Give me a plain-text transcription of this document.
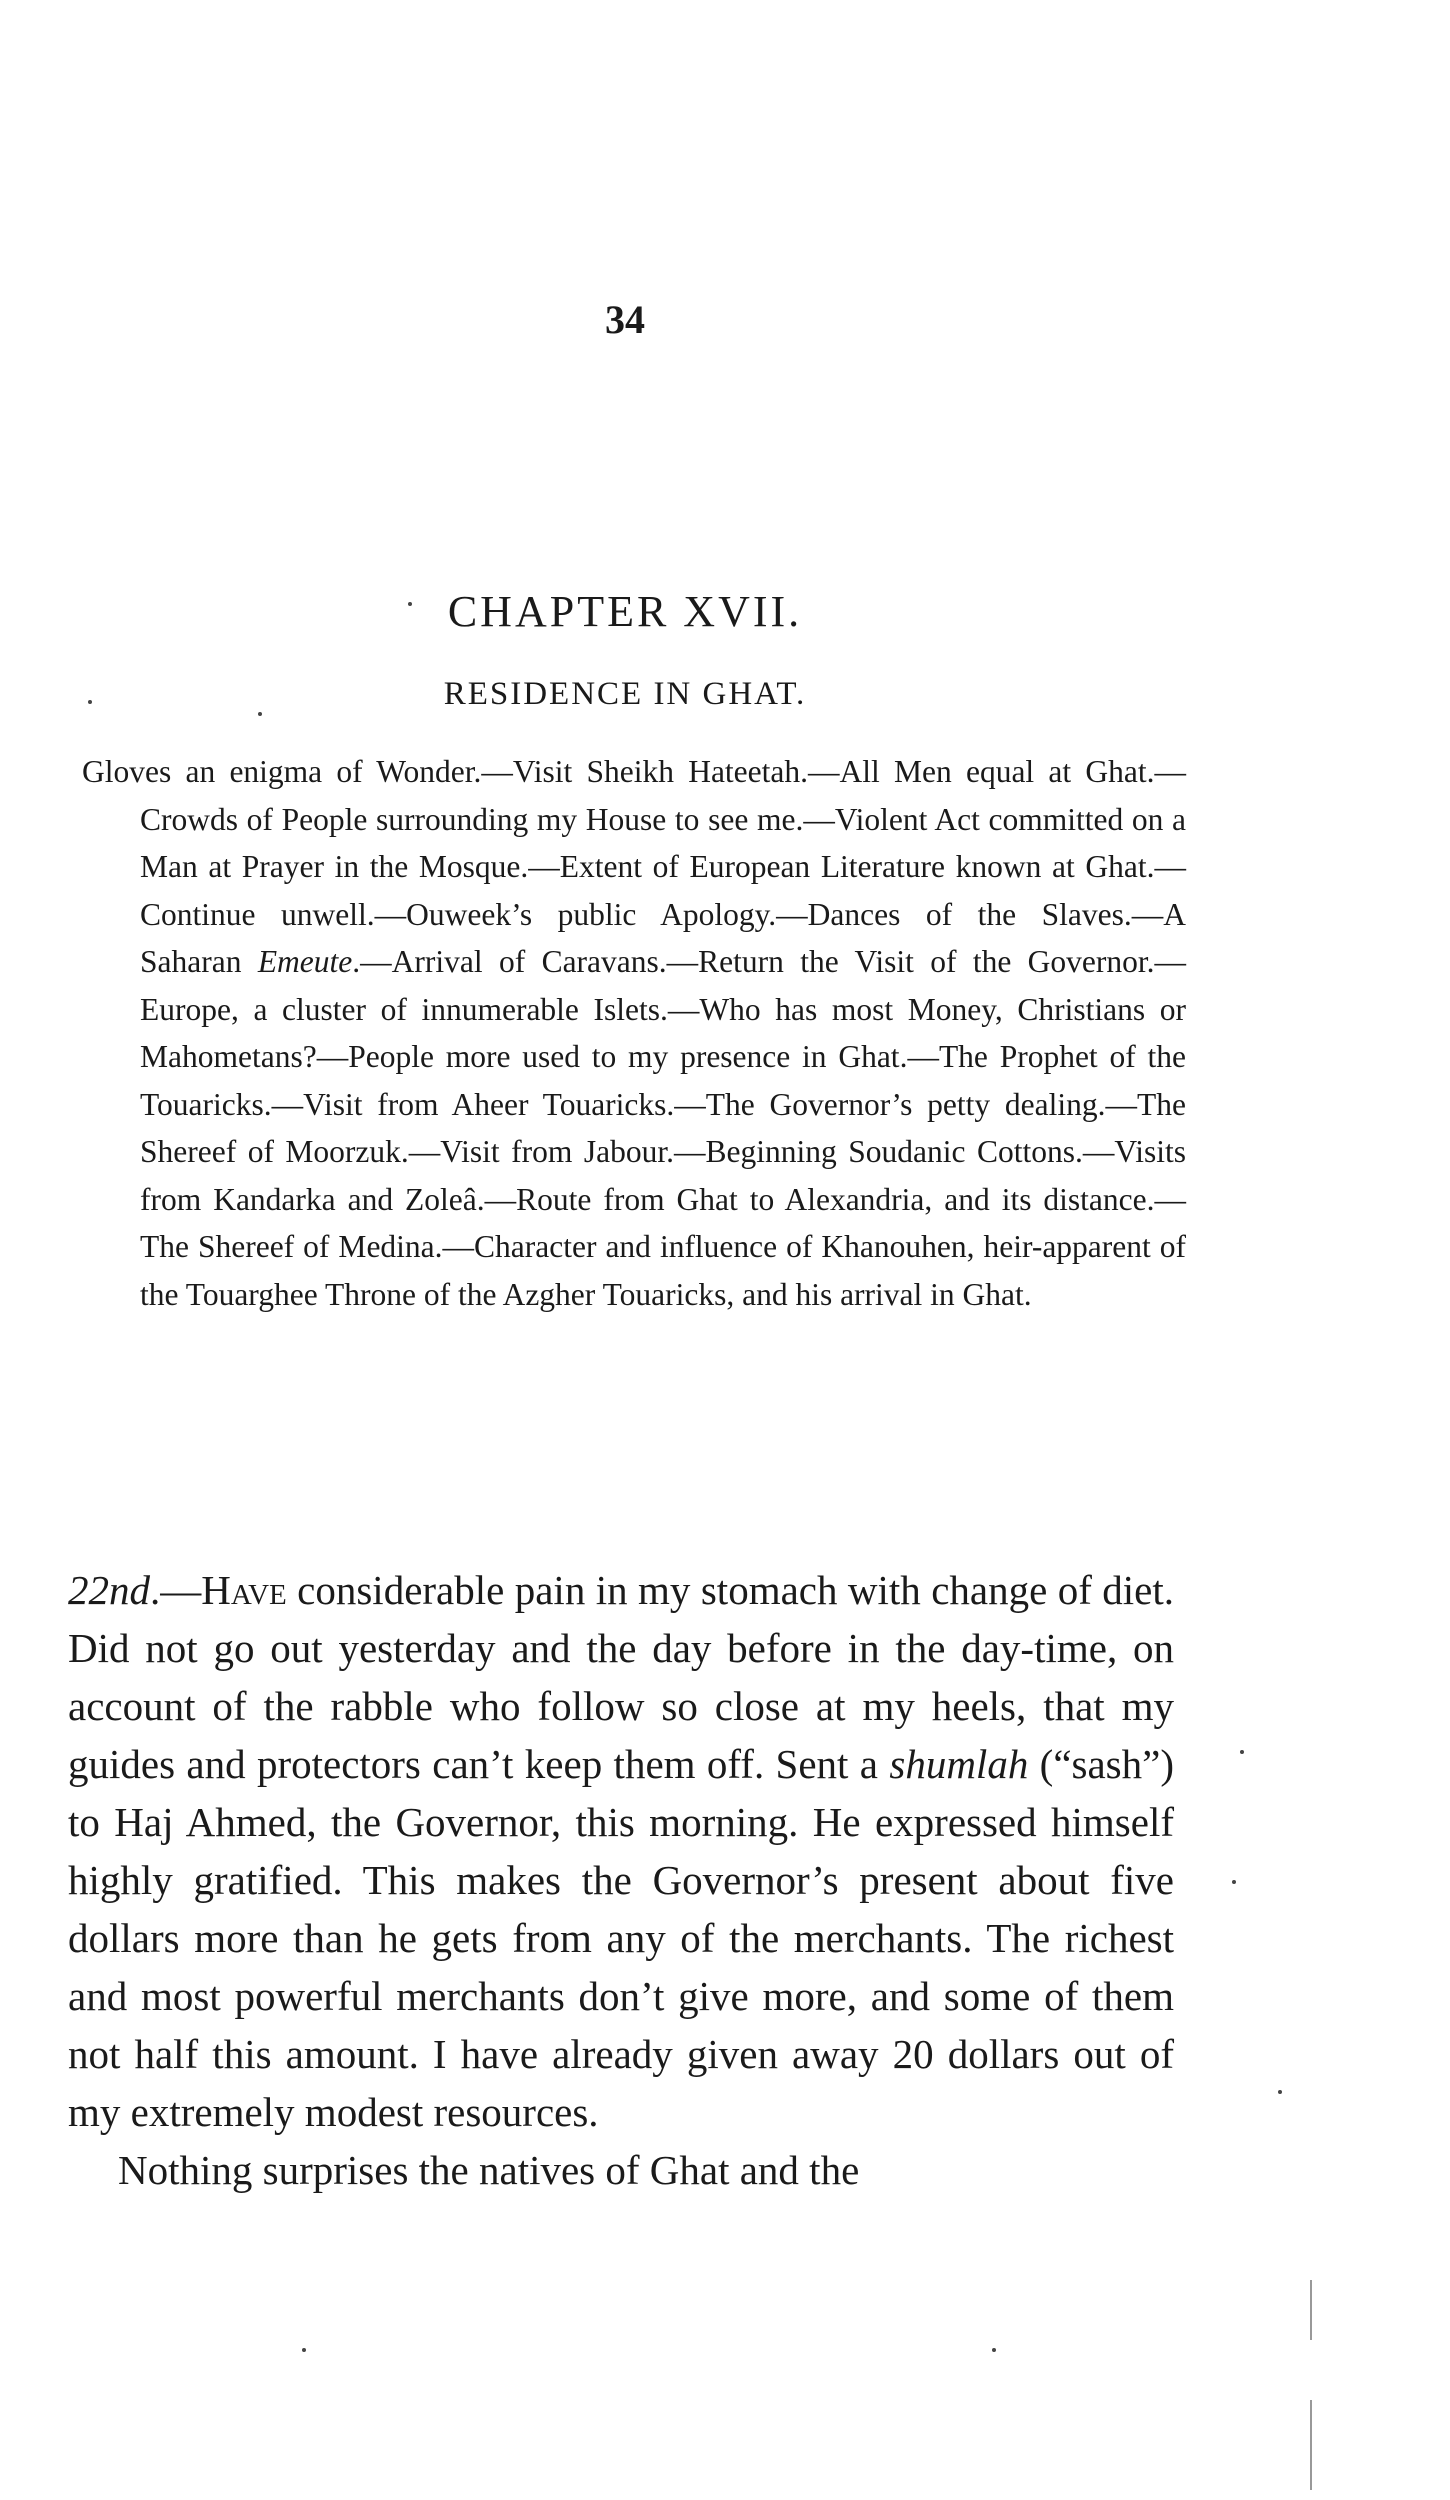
34
CHAPTER XVII.
RESIDENCE IN GHAT.
Gloves an enigma of Wonder.—Visit Sheikh Hateetah.—All Men equal at Ghat.—Crowds of People surrounding my House to see me.—Violent Act committed on a Man at Prayer in the Mosque.—Extent of European Literature known at Ghat.—Continue unwell.—Ouweek’s public Apology.—Dances of the Slaves.—A Saharan Emeute.—Arrival of Caravans.—Return the Visit of the Governor.—Europe, a cluster of innumerable Islets.—Who has most Money, Christians or Mahometans?—People more used to my presence in Ghat.—The Prophet of the Touaricks.—Visit from Aheer Touaricks.—The Governor’s petty dealing.—The Shereef of Moorzuk.—Visit from Jabour.—Beginning Soudanic Cottons.—Visits from Kandarka and Zoleâ.—Route from Ghat to Alexandria, and its distance.—The Shereef of Medina.—Character and influence of Khanouhen, heir-apparent of the Touarghee Throne of the Azgher Touaricks, and his arrival in Ghat.

22nd.—Have considerable pain in my stomach with change of diet. Did not go out yesterday and the day before in the day-time, on account of the rabble who follow so close at my heels, that my guides and protectors can’t keep them off. Sent a shumlah (“sash”) to Haj Ahmed, the Governor, this morning. He expressed himself highly gratified. This makes the Governor’s present about five dollars more than he gets from any of the merchants. The richest and most powerful merchants don’t give more, and some of them not half this amount. I have already given away 20 dollars out of my extremely modest resources.

Nothing surprises the natives of Ghat and the
